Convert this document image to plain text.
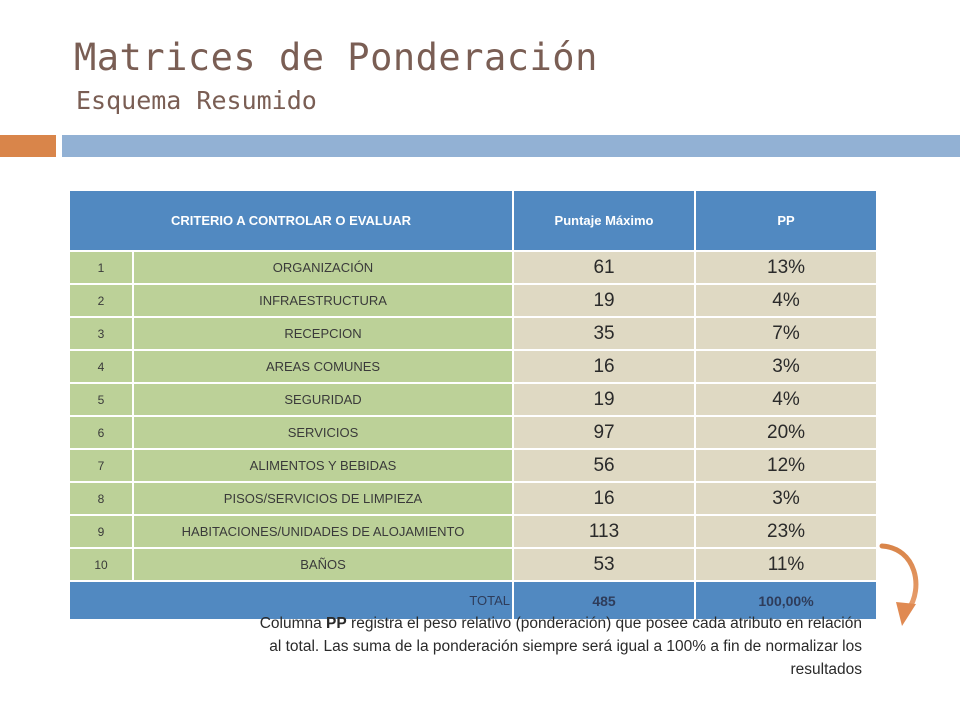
Matrices de Ponderación
Esquema Resumido
CRITERIO A CONTROLAR O EVALUAR		Puntaje Máximo	PP
1	ORGANIZACIÓN	61	13%
2	INFRAESTRUCTURA	19	4%
3	RECEPCION	35	7%
4	AREAS COMUNES	16	3%
5	SEGURIDAD	19	4%
6	SERVICIOS	97	20%
7	ALIMENTOS Y BEBIDAS	56	12%
8	PISOS/SERVICIOS DE LIMPIEZA	16	3%
9	HABITACIONES/UNIDADES DE ALOJAMIENTO	113	23%
10	BAÑOS	53	11%
TOTAL		485	100,00%
Columna PP registra el peso relativo (ponderación) que posee cada atributo en relación al total. Las suma de la ponderación siempre será igual a 100% a fin de normalizar los resultados
